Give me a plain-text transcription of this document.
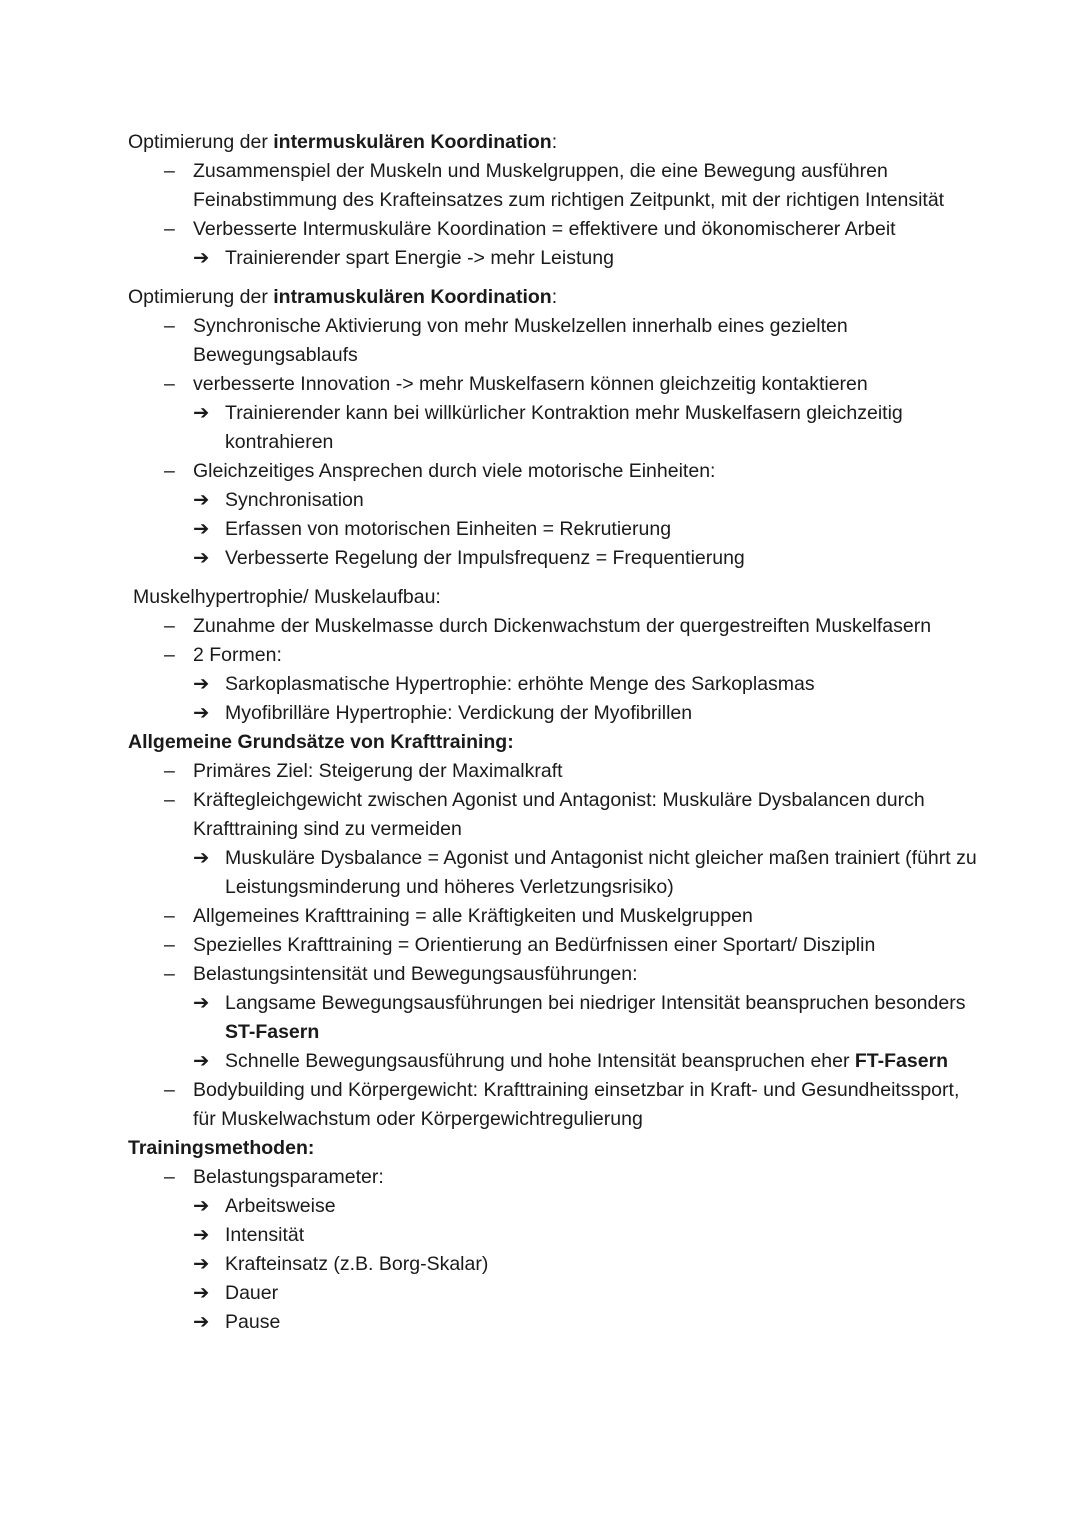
Optimierung der intermuskulären Koordination:
– Zusammenspiel der Muskeln und Muskelgruppen, die eine Bewegung ausführen Feinabstimmung des Krafteinsatzes zum richtigen Zeitpunkt, mit der richtigen Intensität
– Verbesserte Intermuskuläre Koordination = effektivere und ökonomischerer Arbeit
➔ Trainierender spart Energie -> mehr Leistung
Optimierung der intramuskulären Koordination:
– Synchronische Aktivierung von mehr Muskelzellen innerhalb eines gezielten Bewegungsablaufs
– verbesserte Innovation -> mehr Muskelfasern können gleichzeitig kontaktieren
➔ Trainierender kann bei willkürlicher Kontraktion mehr Muskelfasern gleichzeitig kontrahieren
– Gleichzeitiges Ansprechen durch viele motorische Einheiten:
➔ Synchronisation
➔ Erfassen von motorischen Einheiten = Rekrutierung
➔ Verbesserte Regelung der Impulsfrequenz = Frequentierung
Muskelhypertrophie/ Muskelaufbau:
– Zunahme der Muskelmasse durch Dickenwachstum der quergestreiften Muskelfasern
– 2 Formen:
➔ Sarkoplasmatische Hypertrophie: erhöhte Menge des Sarkoplasmas
➔ Myofibrilläre Hypertrophie: Verdickung der Myofibrillen
Allgemeine Grundsätze von Krafttraining:
– Primäres Ziel: Steigerung der Maximalkraft
– Kräftegleichgewicht zwischen Agonist und Antagonist: Muskuläre Dysbalancen durch Krafttraining sind zu vermeiden
➔ Muskuläre Dysbalance = Agonist und Antagonist nicht gleicher maßen trainiert (führt zu Leistungsminderung und höheres Verletzungsrisiko)
– Allgemeines Krafttraining = alle Kräftigkeiten und Muskelgruppen
– Spezielles Krafttraining = Orientierung an Bedürfnissen einer Sportart/ Disziplin
– Belastungsintensität und Bewegungsausführungen:
➔ Langsame Bewegungsausführungen bei niedriger Intensität beanspruchen besonders ST-Fasern
➔ Schnelle Bewegungsausführung und hohe Intensität beanspruchen eher FT-Fasern
– Bodybuilding und Körpergewicht: Krafttraining einsetzbar in Kraft- und Gesundheitssport, für Muskelwachstum oder Körpergewichtregulierung
Trainingsmethoden:
– Belastungsparameter:
➔ Arbeitsweise
➔ Intensität
➔ Krafteinsatz (z.B. Borg-Skalar)
➔ Dauer
➔ Pause
